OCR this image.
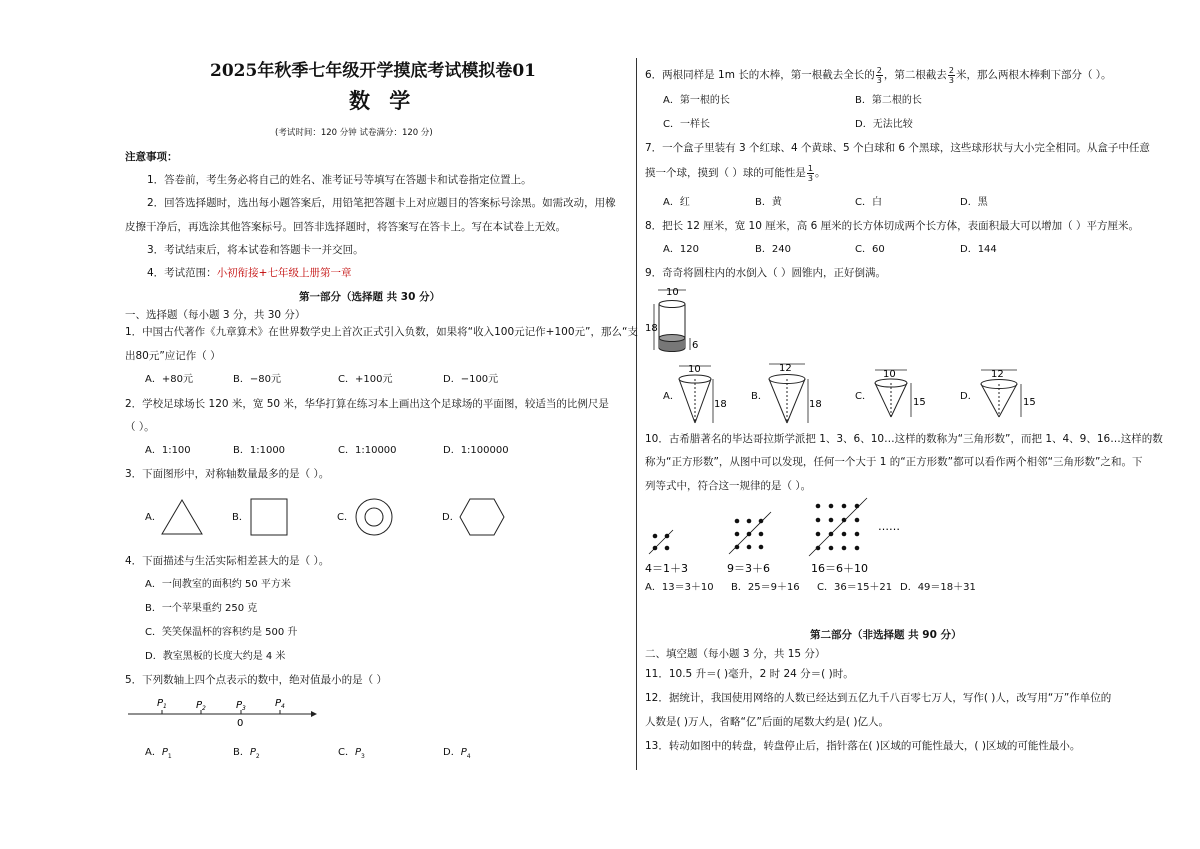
2025年秋季七年级开学摸底考试模拟卷01
数 学
(考试时间：120 分钟 试卷满分：120 分)
注意事项：
1．答卷前，考生务必将自己的姓名、准考证号等填写在答题卡和试卷指定位置上。
2．回答选择题时，选出每小题答案后，用铅笔把答题卡上对应题目的答案标号涂黑。如需改动，用橡
皮擦干净后，再选涂其他答案标号。回答非选择题时，将答案写在答卡上。写在本试卷上无效。
3．考试结束后，将本试卷和答题卡一并交回。
4．考试范围：小初衔接+七年级上册第一章
第一部分（选择题 共 30 分）
一、选择题（每小题 3 分，共 30 分）
1．中国古代著作《九章算术》在世界数学史上首次正式引入负数，如果将“收入100元记作+100元”，那么“支
出80元”应记作（ ）
A．+80元	B．−80元	C．+100元	D．−100元
2．学校足球场长 120 米，宽 50 米，华华打算在练习本上画出这个足球场的平面图，较适当的比例尺是
（ ）。
A．1:100	B．1:1000	C．1:10000	D．1:100000
3．下面图形中，对称轴数量最多的是（ ）。
A．	B．	C．	D．
4．下面描述与生活实际相差甚大的是（ ）。
A．一间教室的面积约 50 平方米
B．一个苹果重约 250 克
C．笑笑保温杯的容积约是 500 升
D．教室黑板的长度大约是 4 米
5．下列数轴上四个点表示的数中，绝对值最小的是（ ）
$P_1$	$P_2$	$P_3$	$P_4$
0
A．$P_1$	B．$P_2$	C．$P_3$	D．$P_4$
6．两根同样是 1m 长的木棒，第一根截去全长的 $\frac{2}{3}$ ，第二根截去 $\frac{2}{3}$ 米，那么两根木棒剩下部分（ ）。
A．第一根的长	B．第二根的长
C．一样长	D．无法比较
7．一个盒子里装有 3 个红球、4 个黄球、5 个白球和 6 个黑球，这些球形状与大小完全相同。从盒子中任意
摸一个球，摸到（ ）球的可能性是 $\frac{1}{3}$ 。
A．红	B．黄	C．白	D．黑
8．把长 12 厘米，宽 10 厘米，高 6 厘米的长方体切成两个长方体，表面积最大可以增加（ ）平方厘米。
A．120	B．240	C．60	D．144
9．奇奇将圆柱内的水倒入（ ）圆锥内，正好倒满。
10
18
6
A．
10
18
B．
12
18
C．
10
15
D．
12
15
10．古希腊著名的毕达哥拉斯学派把 1、3、6、10…这样的数称为“三角形数”，而把 1、4、9、16…这样的数
称为“正方形数”，从图中可以发现，任何一个大于 1 的“正方形数”都可以看作两个相邻“三角形数”之和。下
列等式中，符合这一规律的是（ ）。
……
4＝1＋3	9＝3＋6	16＝6＋10
A．13＝3＋10 B．25＝9＋16 C．36＝15＋21 D．49＝18＋31
第二部分（非选择题 共 90 分）
二、填空题（每小题 3 分，共 15 分）
11．10.5 升＝( )毫升，2 时 24 分＝( )时。
12．据统计，我国使用网络的人数已经达到五亿九千八百零七万人，写作( )人，改写用“万”作单位的
人数是( )万人，省略“亿”后面的尾数大约是( )亿人。
13．转动如图中的转盘，转盘停止后，指针落在( )区域的可能性最大，( )区域的可能性最小。
